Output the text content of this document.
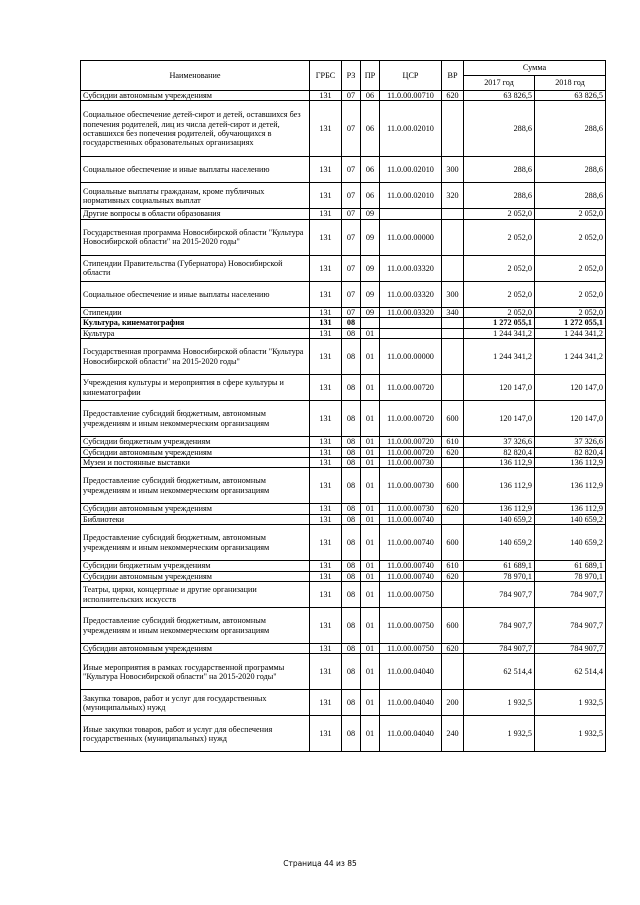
Наименование	ГРБС	РЗ	ПР	ЦСР	ВР	Сумма	
						2017 год	2018 год
Субсидии автономным учреждениям	131	07	06	11.0.00.00710	620	63 826,5	63 826,5
Социальное обеспечение детей-сирот и детей, оставшихся без попечения родителей, лиц из числа детей-сирот и детей, оставшихся без попечения родителей, обучающихся в государственных образовательных организациях	131	07	06	11.0.00.02010		288,6	288,6
Социальное обеспечение и иные выплаты населению	131	07	06	11.0.00.02010	300	288,6	288,6
Социальные выплаты гражданам, кроме публичных нормативных социальных выплат	131	07	06	11.0.00.02010	320	288,6	288,6
Другие вопросы в области образования	131	07	09			2 052,0	2 052,0
Государственная программа Новосибирской области "Культура Новосибирской области" на 2015-2020 годы"	131	07	09	11.0.00.00000		2 052,0	2 052,0
Стипендии Правительства (Губернатора) Новосибирской области	131	07	09	11.0.00.03320		2 052,0	2 052,0
Социальное обеспечение и иные выплаты населению	131	07	09	11.0.00.03320	300	2 052,0	2 052,0
Стипендии	131	07	09	11.0.00.03320	340	2 052,0	2 052,0
Культура, кинематография	131	08				1 272 055,1	1 272 055,1
Культура	131	08	01			1 244 341,2	1 244 341,2
Государственная программа Новосибирской области "Культура Новосибирской области" на 2015-2020 годы"	131	08	01	11.0.00.00000		1 244 341,2	1 244 341,2
Учреждения культуры и мероприятия в сфере культуры и кинематографии	131	08	01	11.0.00.00720		120 147,0	120 147,0
Предоставление субсидий бюджетным, автономным учреждениям и иным некоммерческим организациям	131	08	01	11.0.00.00720	600	120 147,0	120 147,0
Субсидии бюджетным учреждениям	131	08	01	11.0.00.00720	610	37 326,6	37 326,6
Субсидии автономным учреждениям	131	08	01	11.0.00.00720	620	82 820,4	82 820,4
Музеи и постоянные выставки	131	08	01	11.0.00.00730		136 112,9	136 112,9
Предоставление субсидий бюджетным, автономным учреждениям и иным некоммерческим организациям	131	08	01	11.0.00.00730	600	136 112,9	136 112,9
Субсидии автономным учреждениям	131	08	01	11.0.00.00730	620	136 112,9	136 112,9
Библиотеки	131	08	01	11.0.00.00740		140 659,2	140 659,2
Предоставление субсидий бюджетным, автономным учреждениям и иным некоммерческим организациям	131	08	01	11.0.00.00740	600	140 659,2	140 659,2
Субсидии бюджетным учреждениям	131	08	01	11.0.00.00740	610	61 689,1	61 689,1
Субсидии автономным учреждениям	131	08	01	11.0.00.00740	620	78 970,1	78 970,1
Театры, цирки, концертные и другие организации исполнительских искусств	131	08	01	11.0.00.00750		784 907,7	784 907,7
Предоставление субсидий бюджетным, автономным учреждениям и иным некоммерческим организациям	131	08	01	11.0.00.00750	600	784 907,7	784 907,7
Субсидии автономным учреждениям	131	08	01	11.0.00.00750	620	784 907,7	784 907,7
Иные мероприятия в рамках государственной программы "Культура Новосибирской области" на 2015-2020 годы"	131	08	01	11.0.00.04040		62 514,4	62 514,4
Закупка товаров, работ и услуг для государственных (муниципальных) нужд	131	08	01	11.0.00.04040	200	1 932,5	1 932,5
Иные закупки товаров, работ и услуг для обеспечения государственных (муниципальных) нужд	131	08	01	11.0.00.04040	240	1 932,5	1 932,5
Страница 44 из 85
